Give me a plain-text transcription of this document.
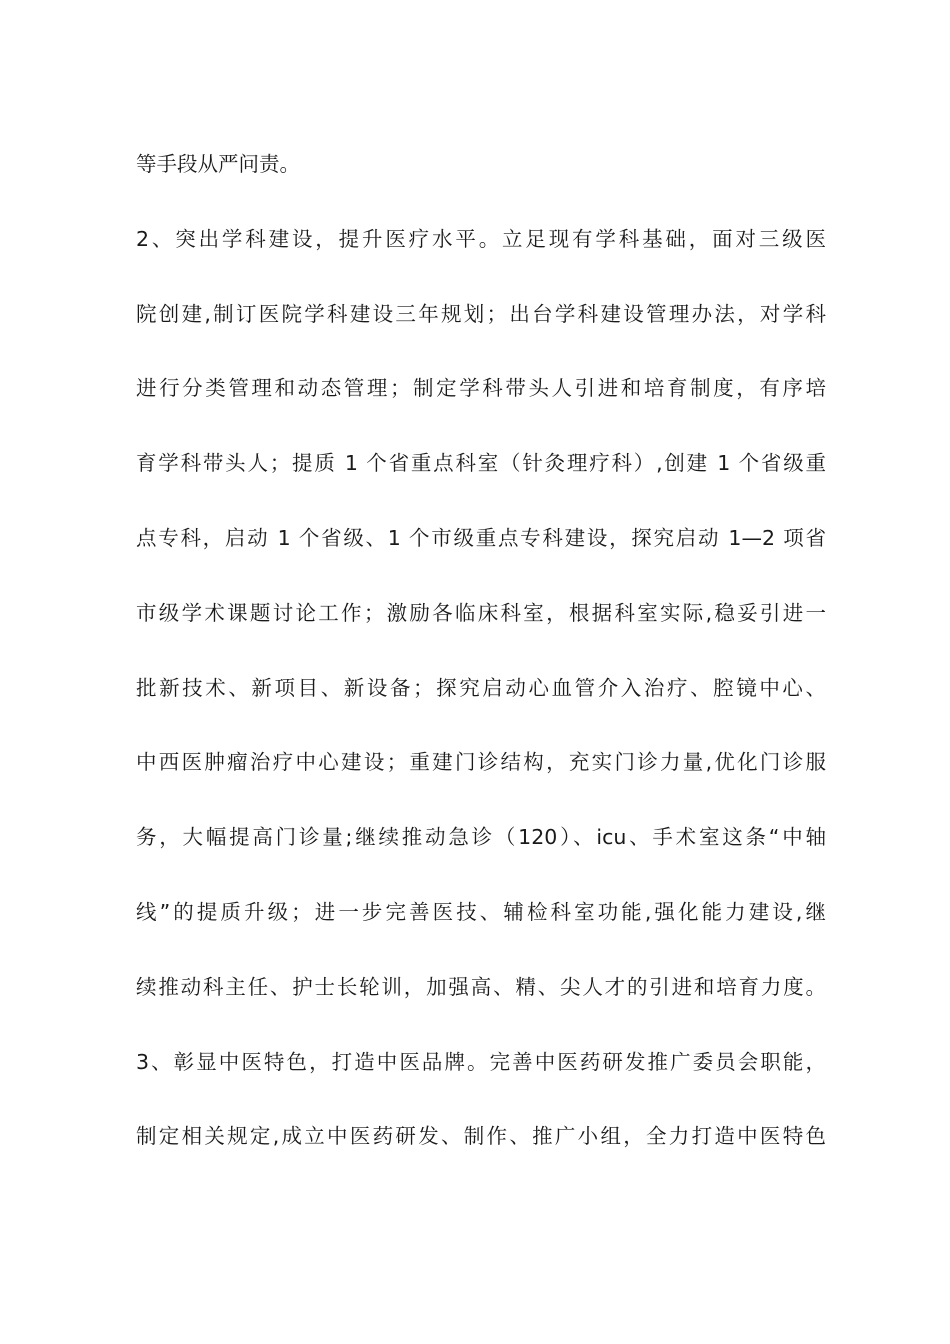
等手段从严问责。
2、突出学科建设，提升医疗水平。立足现有学科基础，面对三级医
院创建,制订医院学科建设三年规划；出台学科建设管理办法，对学科
进行分类管理和动态管理；制定学科带头人引进和培育制度，有序培
育学科带头人；提质 1 个省重点科室（针灸理疗科）,创建 1 个省级重
点专科，启动 1 个省级、1 个市级重点专科建设，探究启动 1—2 项省
市级学术课题讨论工作；激励各临床科室，根据科室实际,稳妥引进一
批新技术、新项目、新设备；探究启动心血管介入治疗、腔镜中心、
中西医肿瘤治疗中心建设；重建门诊结构，充实门诊力量,优化门诊服
务，大幅提高门诊量;继续推动急诊（120）、icu、手术室这条“中轴
线”的提质升级；进一步完善医技、辅检科室功能,强化能力建设,继
续推动科主任、护士长轮训，加强高、精、尖人才的引进和培育力度。
3、彰显中医特色，打造中医品牌。完善中医药研发推广委员会职能，
制定相关规定,成立中医药研发、制作、推广小组，全力打造中医特色
